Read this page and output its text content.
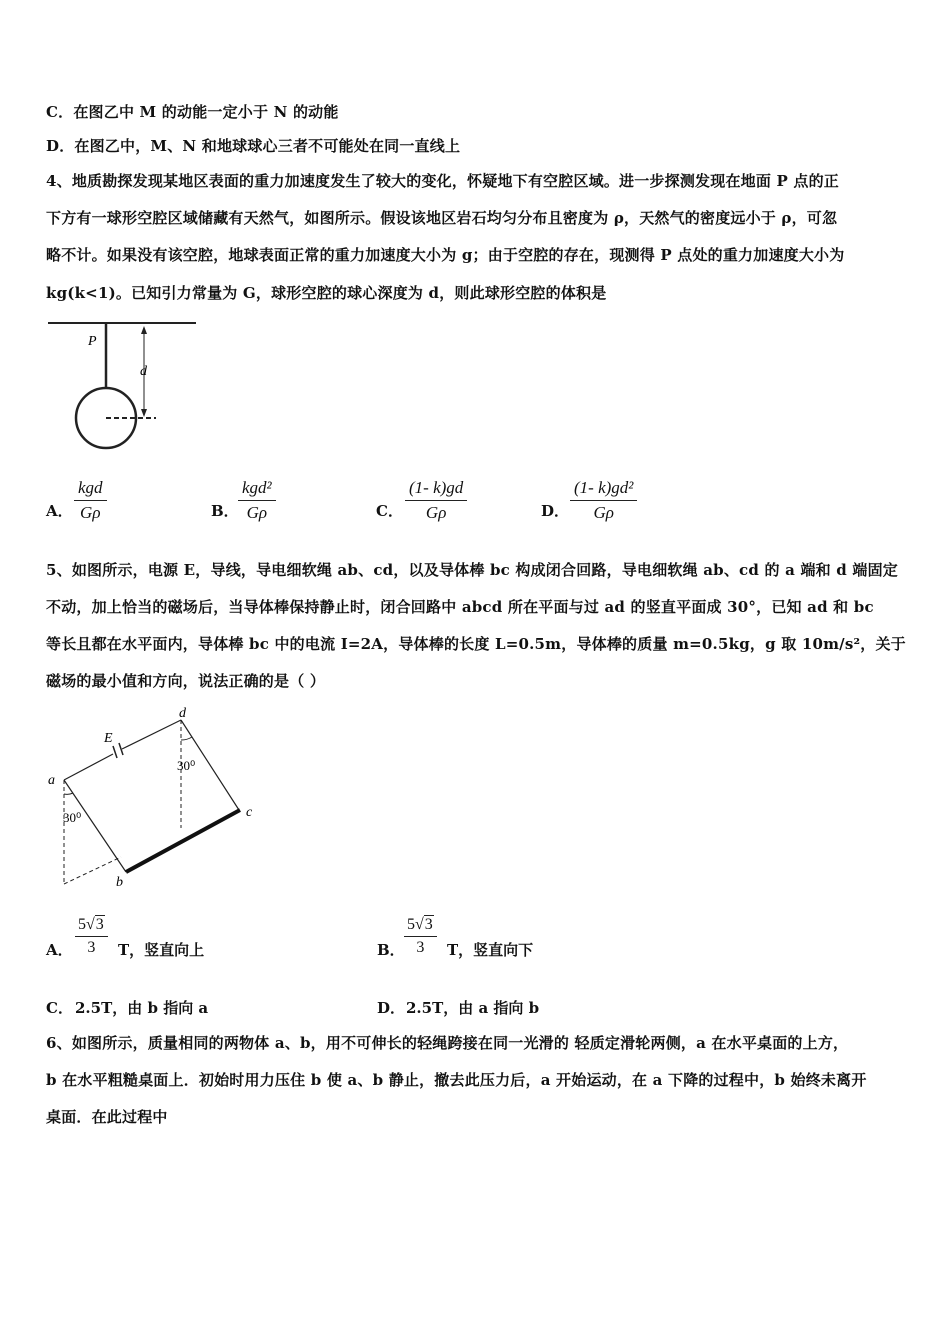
C．在图乙中 M 的动能一定小于 N 的动能
D．在图乙中，M、N 和地球球心三者不可能处在同一直线上
4、地质勘探发现某地区表面的重力加速度发生了较大的变化，怀疑地下有空腔区域。进一步探测发现在地面 P 点的正
下方有一球形空腔区域储藏有天然气，如图所示。假设该地区岩石均匀分布且密度为 ρ，天然气的密度远小于 ρ，可忽
略不计。如果没有该空腔，地球表面正常的重力加速度大小为 g；由于空腔的存在，现测得 P 点处的重力加速度大小为
kg(k<1)。已知引力常量为 G，球形空腔的球心深度为 d，则此球形空腔的体积是
P
d
A．
kgd
Gρ	B．
kgd²
Gρ	C． $\frac{(1- k)gd}{G\rho}$	D． $\frac{\text{(1- k)gd²}}{G\rho}$
5、如图所示，电源 E，导线，导电细软绳 ab、cd，以及导体棒 bc 构成闭合回路，导电细软绳 ab、cd 的 a 端和 d 端固定
不动，加上恰当的磁场后，当导体棒保持静止时，闭合回路中 abcd 所在平面与过 ad 的竖直平面成 30°，已知 ad 和 bc
等长且都在水平面内，导体棒 bc 中的电流 I=2A，导体棒的长度 L=0.5m，导体棒的质量 m=0.5kg，g 取 10m/s²，关于
磁场的最小值和方向，说法正确的是（ ）
E
a
b
c
d
30⁰
30⁰
A． $\frac{5√3}{3}$ T，竖直向上	B． $\frac{5√3}{3}$ T，竖直向下
C． 2.5T，由 b 指向 a	D． 2.5T，由 a 指向 b
6、如图所示，质量相同的两物体 a、b，用不可伸长的轻绳跨接在同一光滑的 轻质定滑轮两侧，a 在水平桌面的上方，
b 在水平粗糙桌面上．初始时用力压住 b 使 a、b 静止，撤去此压力后，a 开始运动，在 a 下降的过程中，b 始终未离开
桌面．在此过程中
